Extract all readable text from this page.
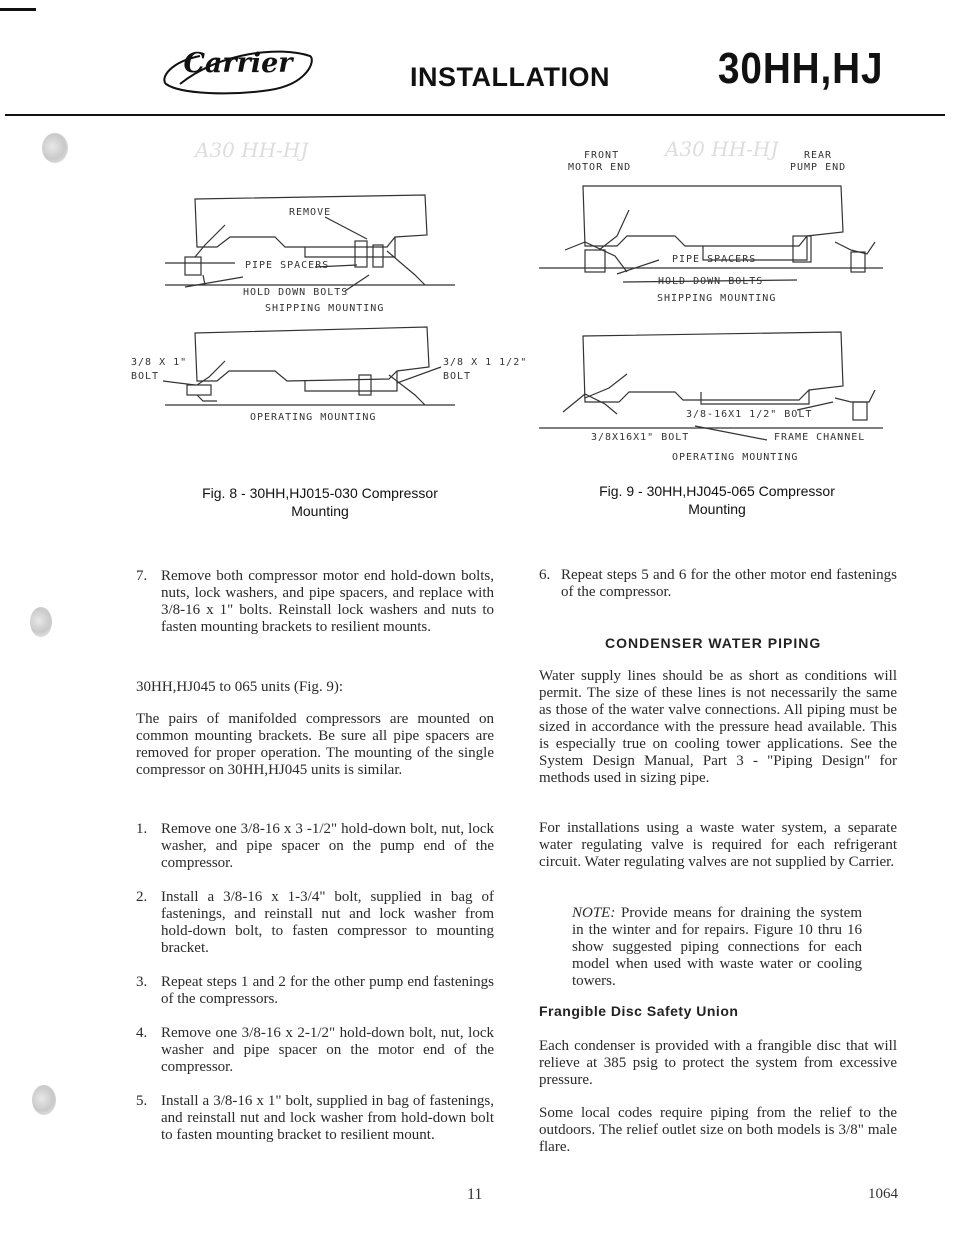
Carrier	INSTALLATION 30HH,HJ
A30 HH-HJ
REMOVE
PIPE SPACERS
HOLD DOWN BOLTS
SHIPPING MOUNTING
3/8 X 1"
BOLT
3/8 X 1 1/2"
BOLT
OPERATING MOUNTING
Fig. 8 - 30HH,HJ015-030 Compressor
Mounting
A30 HH-HJ
FRONT
MOTOR END
REAR
PUMP END
PIPE SPACERS
HOLD DOWN BOLTS
SHIPPING MOUNTING
3/8-16X1 1/2" BOLT
3/8X16X1" BOLT	FRAME CHANNEL
OPERATING MOUNTING
Fig. 9 - 30HH,HJ045-065 Compressor
Mounting
7. Remove both compressor motor end hold-down bolts, nuts, lock washers, and pipe spacers, and replace with 3/8-16 x 1" bolts. Reinstall lock washers and nuts to fasten mounting brackets to resilient mounts.
30HH,HJ045 to 065 units (Fig. 9):
The pairs of manifolded compressors are mounted on common mounting brackets. Be sure all pipe spacers are removed for proper operation. The mounting of the single compressor on 30HH,HJ045 units is similar.
1. Remove one 3/8-16 x 3 -1/2" hold-down bolt, nut, lock washer, and pipe spacer on the pump end of the compressor.
2. Install a 3/8-16 x 1-3/4" bolt, supplied in bag of fastenings, and reinstall nut and lock washer from hold-down bolt, to fasten compressor to mounting bracket.
3. Repeat steps 1 and 2 for the other pump end fastenings of the compressors.
4. Remove one 3/8-16 x 2-1/2" hold-down bolt, nut, lock washer and pipe spacer on the motor end of the compressor.
5. Install a 3/8-16 x 1" bolt, supplied in bag of fastenings, and reinstall nut and lock washer from hold-down bolt to fasten mounting bracket to resilient mount.
6. Repeat steps 5 and 6 for the other motor end fastenings of the compressor.
CONDENSER WATER PIPING
Water supply lines should be as short as conditions will permit. The size of these lines is not necessarily the same as those of the water valve connections. All piping must be sized in accordance with the pressure head available. This is especially true on cooling tower applications. See the System Design Manual, Part 3 - "Piping Design" for methods used in sizing pipe.
For installations using a waste water system, a separate water regulating valve is required for each refrigerant circuit. Water regulating valves are not supplied by Carrier.
NOTE: Provide means for draining the system in the winter and for repairs. Figure 10 thru 16 show suggested piping connections for each model when used with waste water or cooling towers.
Frangible Disc Safety Union
Each condenser is provided with a frangible disc that will relieve at 385 psig to protect the system from excessive pressure.
Some local codes require piping from the relief to the outdoors. The relief outlet size on both models is 3/8" male flare.
11	1064
